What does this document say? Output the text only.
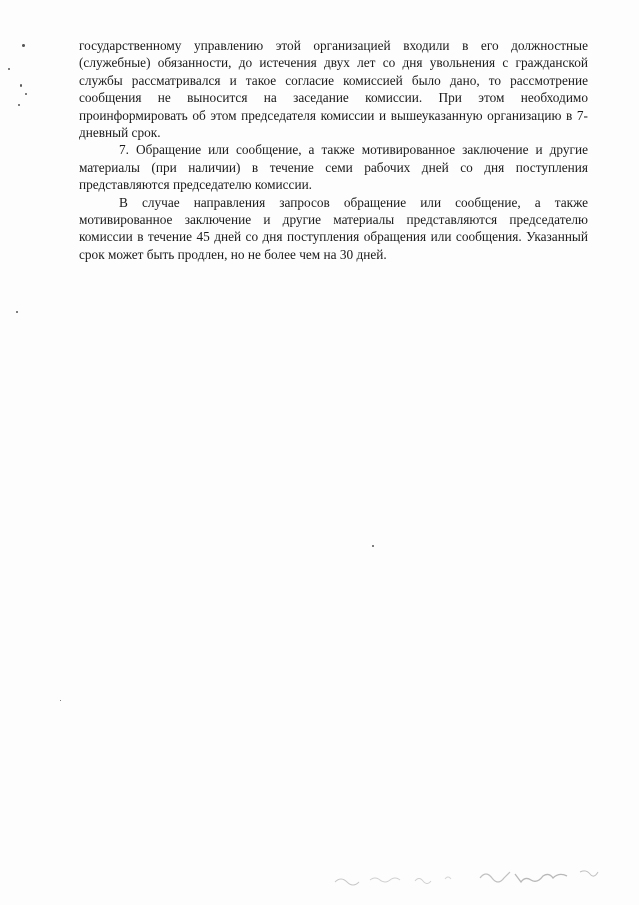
государственному управлению этой организацией входили в его должностные (служебные) обязанности, до истечения двух лет со дня увольнения с гражданской службы рассматривался и такое согласие комиссией было дано, то рассмотрение сообщения не выносится на заседание комиссии. При этом необходимо проинформировать об этом председателя комиссии и вышеуказанную организацию в 7-дневный срок.

7. Обращение или сообщение, а также мотивированное заключение и другие материалы (при наличии) в течение семи рабочих дней со дня поступления представляются председателю комиссии.

В случае направления запросов обращение или сообщение, а также мотивированное заключение и другие материалы представляются председателю комиссии в течение 45 дней со дня поступления обращения или сообщения. Указанный срок может быть продлен, но не более чем на 30 дней.
